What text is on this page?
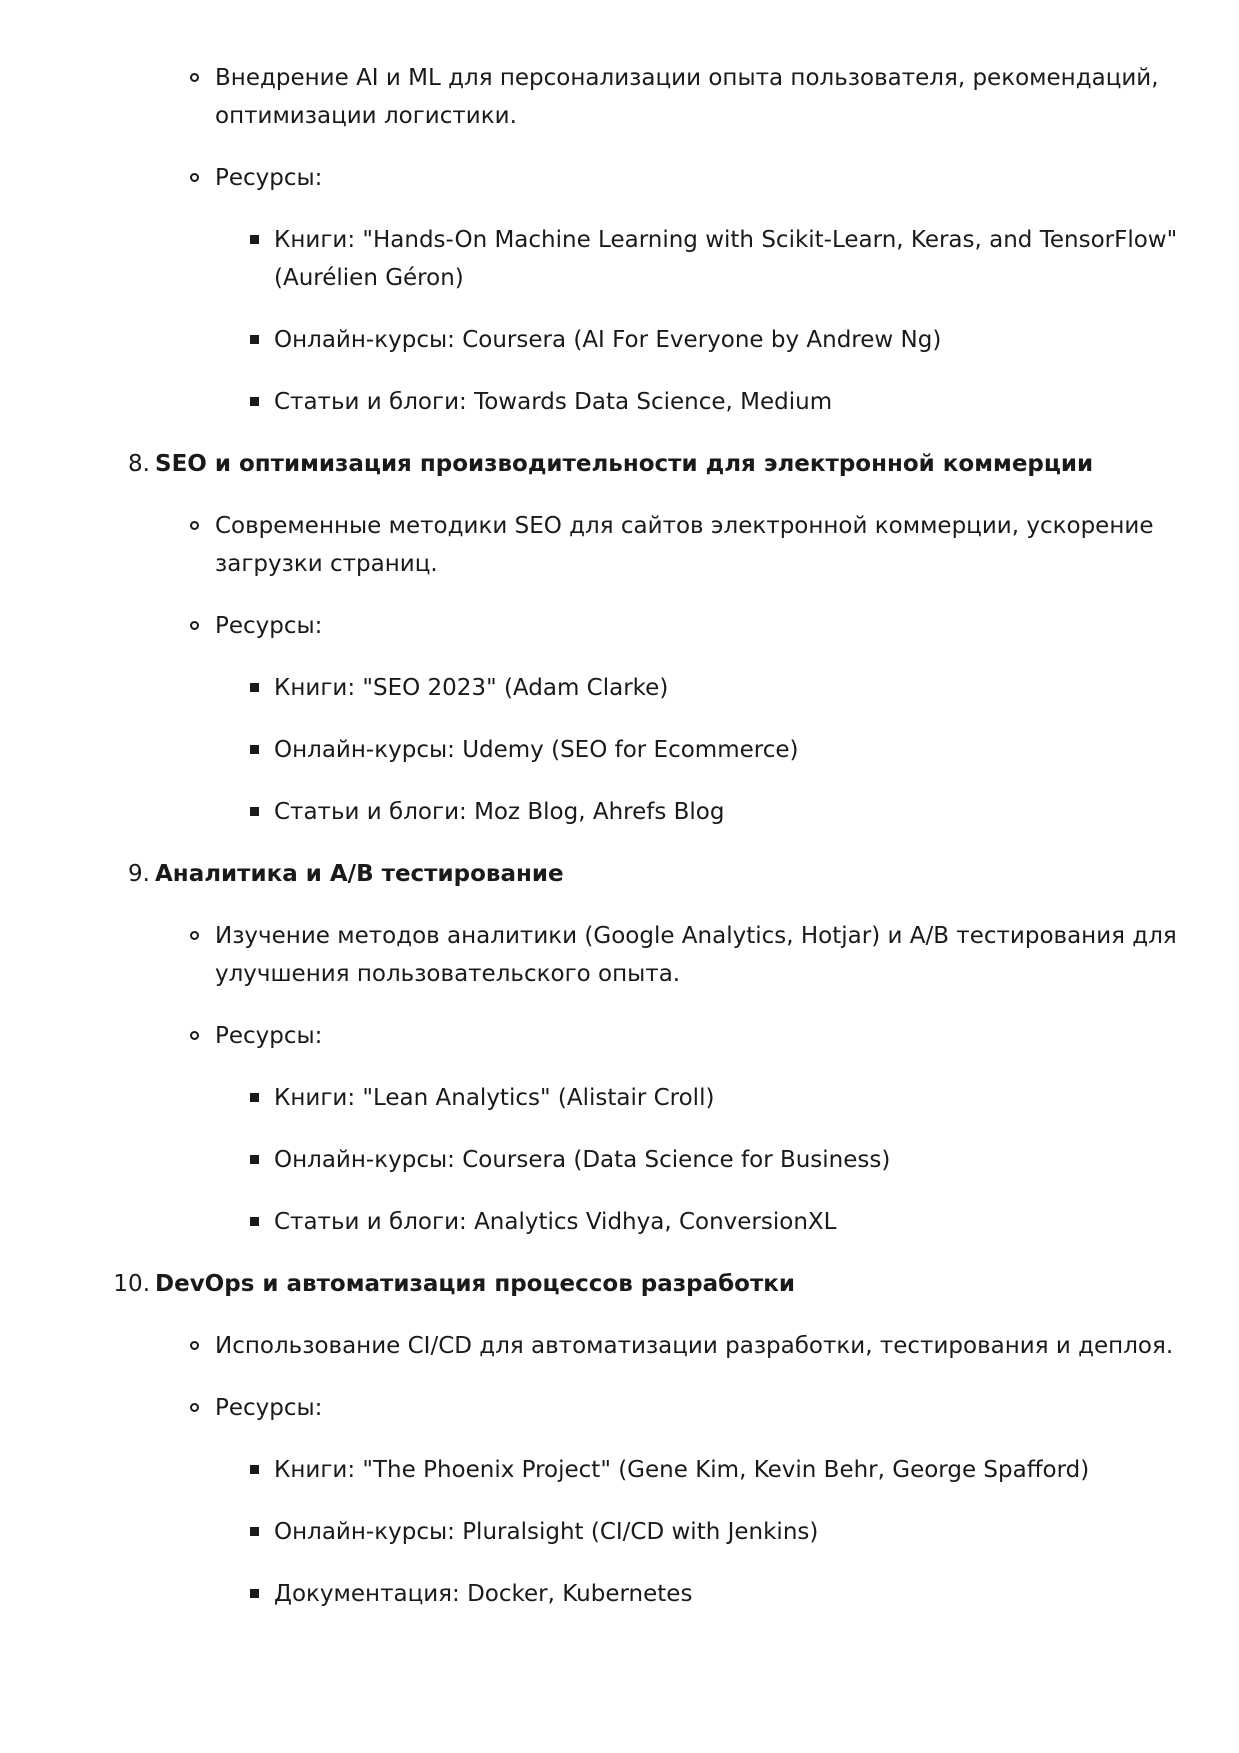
Внедрение AI и ML для персонализации опыта пользователя, рекомендаций,
оптимизации логистики.
Ресурсы:
Книги: "Hands-On Machine Learning with Scikit-Learn, Keras, and TensorFlow"
(Aurélien Géron)
Онлайн-курсы: Coursera (AI For Everyone by Andrew Ng)
Статьи и блоги: Towards Data Science, Medium
8. SEO и оптимизация производительности для электронной коммерции
Современные методики SEO для сайтов электронной коммерции, ускорение
загрузки страниц.
Ресурсы:
Книги: "SEO 2023" (Adam Clarke)
Онлайн-курсы: Udemy (SEO for Ecommerce)
Статьи и блоги: Moz Blog, Ahrefs Blog
9. Аналитика и A/B тестирование
Изучение методов аналитики (Google Analytics, Hotjar) и A/B тестирования для
улучшения пользовательского опыта.
Ресурсы:
Книги: "Lean Analytics" (Alistair Croll)
Онлайн-курсы: Coursera (Data Science for Business)
Статьи и блоги: Analytics Vidhya, ConversionXL
10. DevOps и автоматизация процессов разработки
Использование CI/CD для автоматизации разработки, тестирования и деплоя.
Ресурсы:
Книги: "The Phoenix Project" (Gene Kim, Kevin Behr, George Spafford)
Онлайн-курсы: Pluralsight (CI/CD with Jenkins)
Документация: Docker, Kubernetes
